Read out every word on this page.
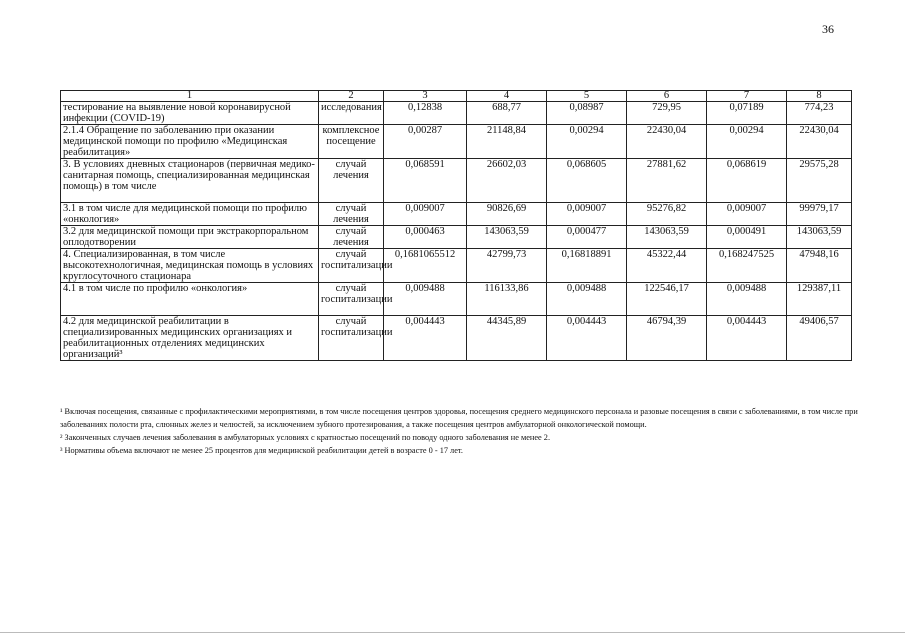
36
1	2	3	4	5	6	7	8
тестирование на выявление новой коронавирусной инфекции (COVID-19)	исследования	0,12838	688,77	0,08987	729,95	0,07189	774,23
2.1.4 Обращение по заболеванию при оказании медицинской помощи по профилю «Медицинская реабилитация»	комплексное посещение	0,00287	21148,84	0,00294	22430,04	0,00294	22430,04
3. В условиях дневных стационаров (первичная медико-санитарная помощь, специализированная медицинская помощь) в том числе	случай лечения	0,068591	26602,03	0,068605	27881,62	0,068619	29575,28
3.1 в том числе для медицинской помощи по профилю «онкология»	случай лечения	0,009007	90826,69	0,009007	95276,82	0,009007	99979,17
3.2 для медицинской помощи при экстракорпоральном оплодотворении	случай лечения	0,000463	143063,59	0,000477	143063,59	0,000491	143063,59
4. Специализированная, в том числе высокотехнологичная, медицинская помощь в условиях круглосуточного стационара	случай госпитализации	0,1681065512	42799,73	0,16818891	45322,44	0,168247525	47948,16
4.1 в том числе по профилю «онкология»	случай госпитализации	0,009488	116133,86	0,009488	122546,17	0,009488	129387,11
4.2 для медицинской реабилитации в специализированных медицинских организациях и реабилитационных отделениях медицинских организаций³	случай госпитализации	0,004443	44345,89	0,004443	46794,39	0,004443	49406,57
¹ Включая посещения, связанные с профилактическими мероприятиями, в том числе посещения центров здоровья, посещения среднего медицинского персонала и разовые посещения в связи с заболеваниями, в том числе при заболеваниях полости рта, слюнных желез и челюстей, за исключением зубного протезирования, а также посещения центров амбулаторной онкологической помощи.
² Законченных случаев лечения заболевания в амбулаторных условиях с кратностью посещений по поводу одного заболевания не менее 2.
³ Нормативы объема включают не менее 25 процентов для медицинской реабилитации детей в возрасте 0 - 17 лет.
